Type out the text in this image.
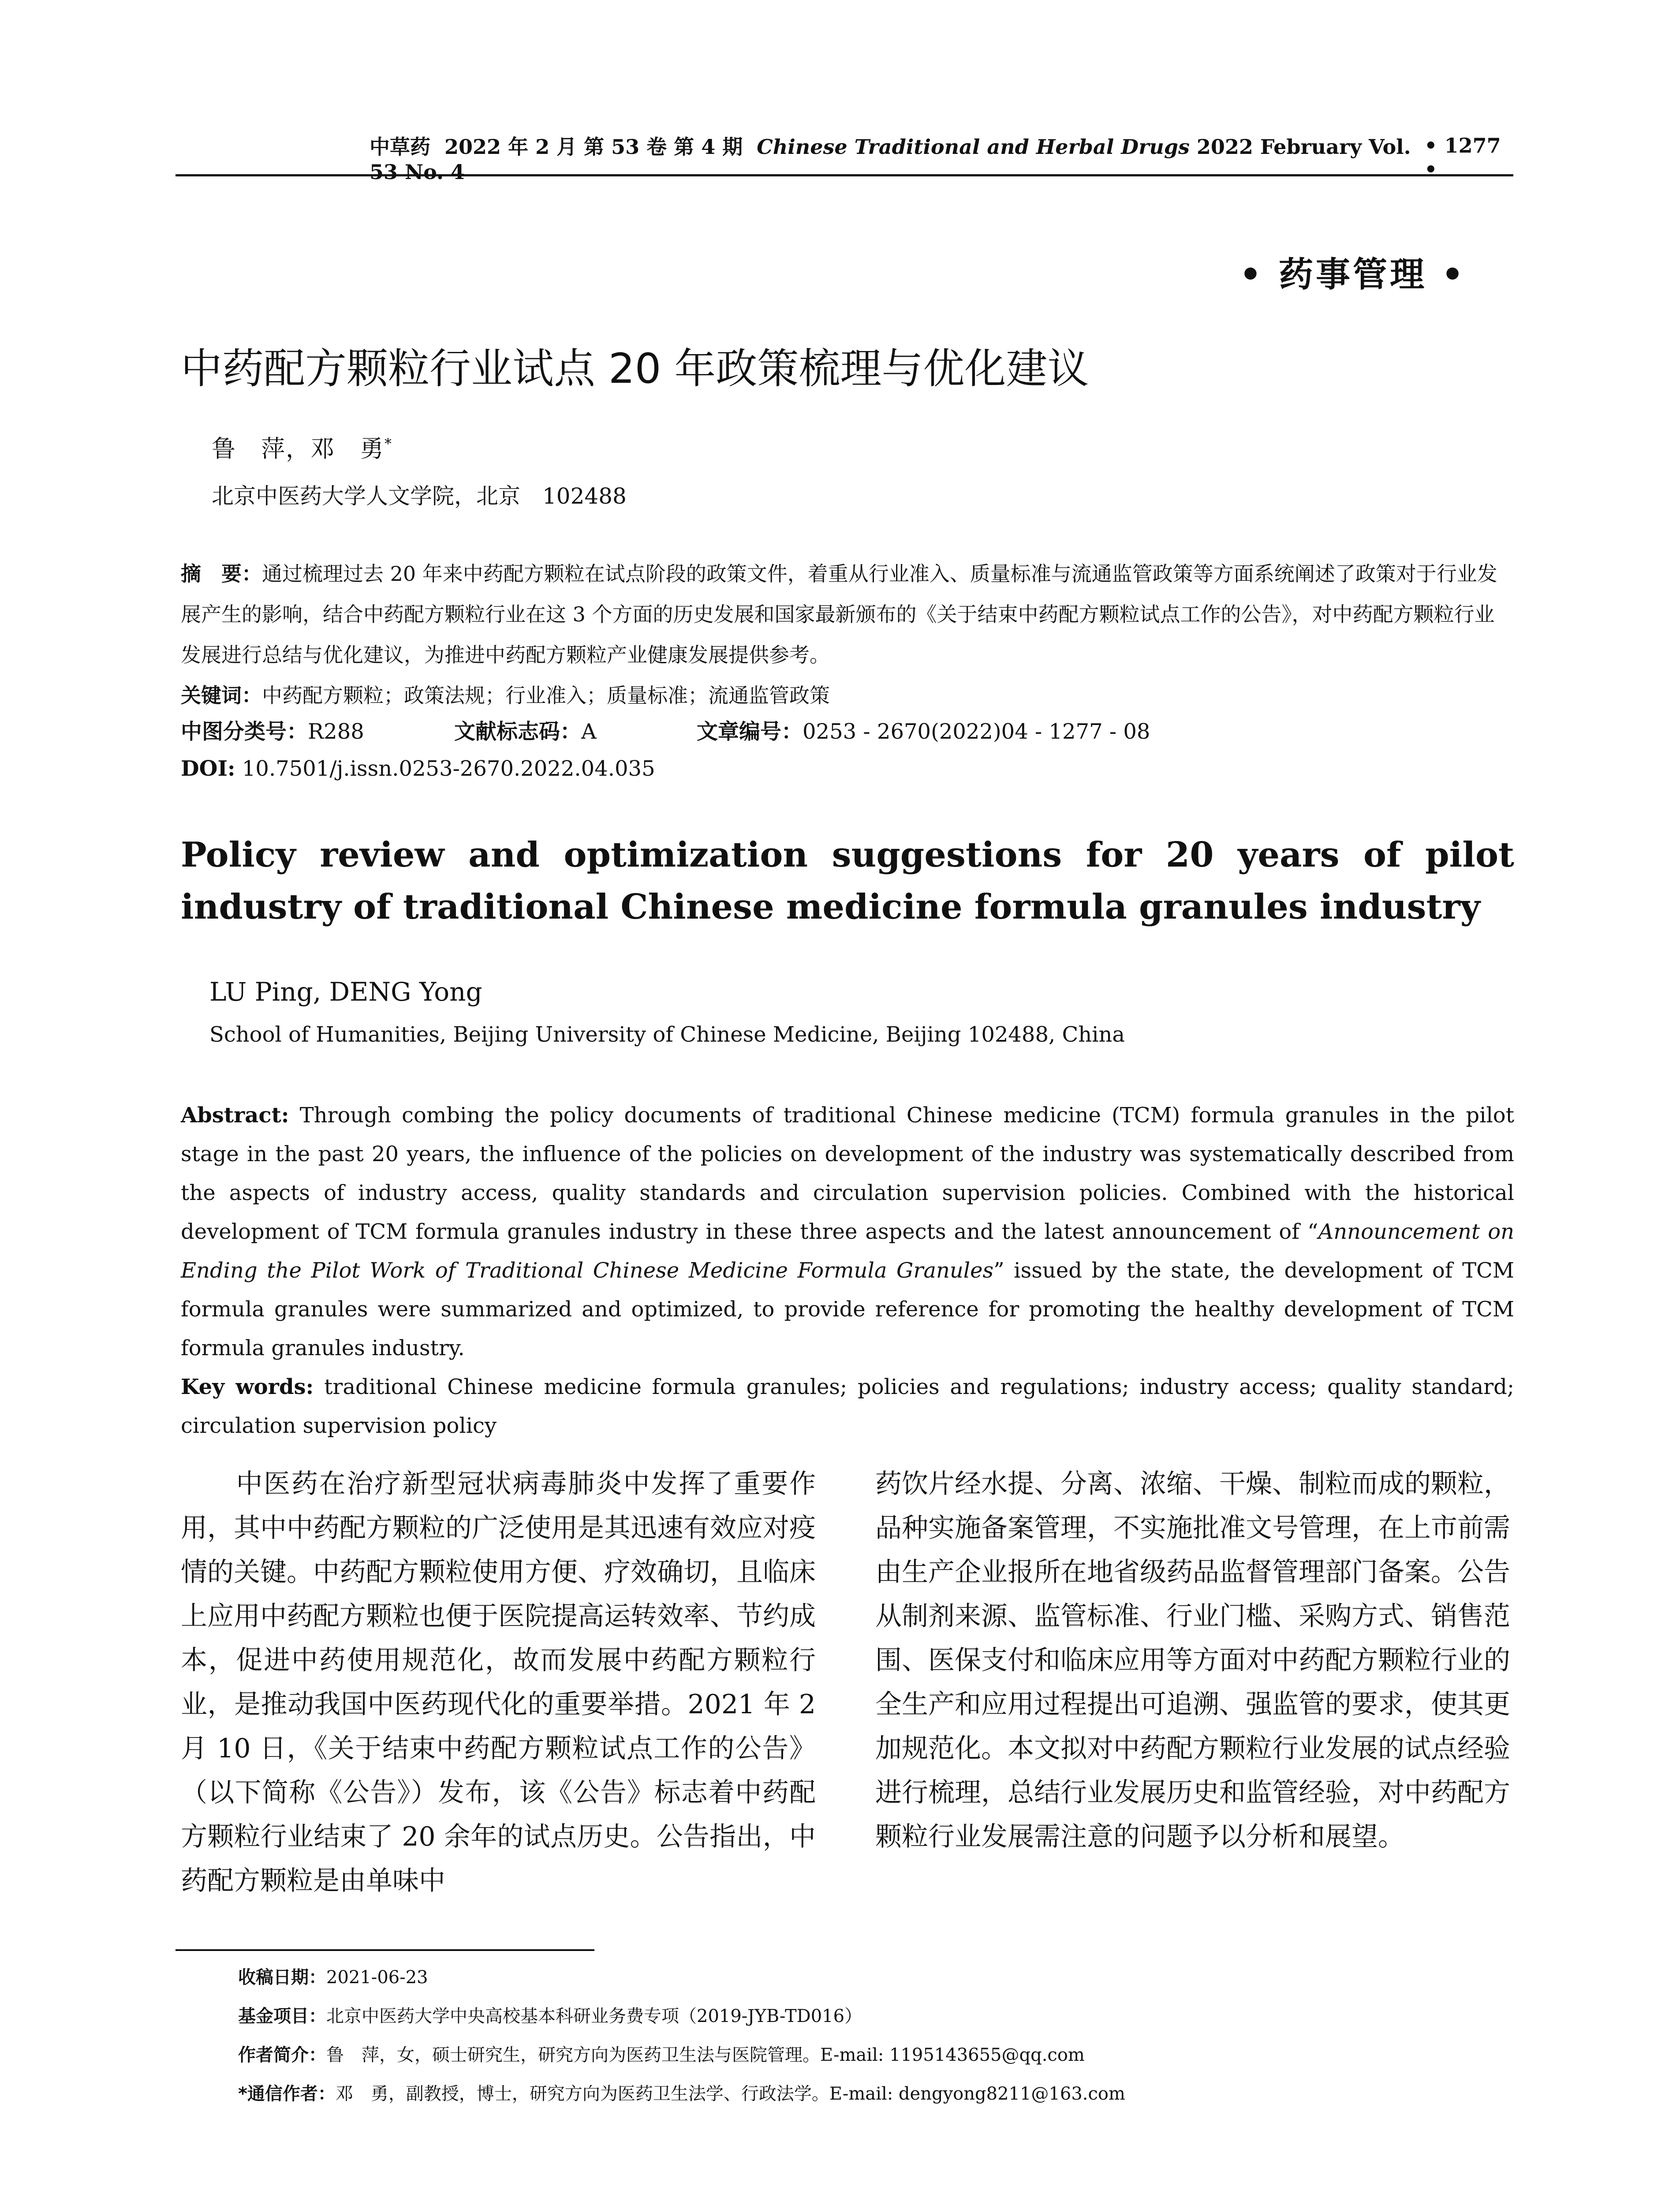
中草药 2022 年 2 月 第 53 卷 第 4 期 Chinese Traditional and Herbal Drugs 2022 February Vol. 53 No. 4
• 1277 •
• 药事管理 •
中药配方颗粒行业试点 20 年政策梳理与优化建议
鲁　萍，邓　勇*
北京中医药大学人文学院，北京　102488
摘　要：通过梳理过去 20 年来中药配方颗粒在试点阶段的政策文件，着重从行业准入、质量标准与流通监管政策等方面系统阐述了政策对于行业发展产生的影响，结合中药配方颗粒行业在这 3 个方面的历史发展和国家最新颁布的《关于结束中药配方颗粒试点工作的公告》，对中药配方颗粒行业发展进行总结与优化建议，为推进中药配方颗粒产业健康发展提供参考。
关键词：中药配方颗粒；政策法规；行业准入；质量标准；流通监管政策
中图分类号：R288	文献标志码：A	文章编号：0253 - 2670(2022)04 - 1277 - 08
DOI: 10.7501/j.issn.0253-2670.2022.04.035
Policy review and optimization suggestions for 20 years of pilot industry of traditional Chinese medicine formula granules industry
LU Ping, DENG Yong
School of Humanities, Beijing University of Chinese Medicine, Beijing 102488, China
Abstract: Through combing the policy documents of traditional Chinese medicine (TCM) formula granules in the pilot stage in the past 20 years, the influence of the policies on development of the industry was systematically described from the aspects of industry access, quality standards and circulation supervision policies. Combined with the historical development of TCM formula granules industry in these three aspects and the latest announcement of “Announcement on Ending the Pilot Work of Traditional Chinese Medicine Formula Granules” issued by the state, the development of TCM formula granules were summarized and optimized, to provide reference for promoting the healthy development of TCM formula granules industry.
Key words: traditional Chinese medicine formula granules; policies and regulations; industry access; quality standard; circulation supervision policy

　　中医药在治疗新型冠状病毒肺炎中发挥了重要作用，其中中药配方颗粒的广泛使用是其迅速有效应对疫情的关键。中药配方颗粒使用方便、疗效确切，且临床上应用中药配方颗粒也便于医院提高运转效率、节约成本，促进中药使用规范化，故而发展中药配方颗粒行业，是推动我国中医药现代化的重要举措。2021 年 2 月 10 日，《关于结束中药配方颗粒试点工作的公告》（以下简称《公告》）发布，该《公告》标志着中药配方颗粒行业结束了 20 余年的试点历史。公告指出，中药配方颗粒是由单味中

药饮片经水提、分离、浓缩、干燥、制粒而成的颗粒，品种实施备案管理，不实施批准文号管理，在上市前需由生产企业报所在地省级药品监督管理部门备案。公告从制剂来源、监管标准、行业门槛、采购方式、销售范围、医保支付和临床应用等方面对中药配方颗粒行业的全生产和应用过程提出可追溯、强监管的要求，使其更加规范化。本文拟对中药配方颗粒行业发展的试点经验进行梳理，总结行业发展历史和监管经验，对中药配方颗粒行业发展需注意的问题予以分析和展望。

收稿日期：2021-06-23
基金项目：北京中医药大学中央高校基本科研业务费专项（2019-JYB-TD016）
作者简介：鲁　萍，女，硕士研究生，研究方向为医药卫生法与医院管理。E-mail: 1195143655@qq.com
*通信作者：邓　勇，副教授，博士，研究方向为医药卫生法学、行政法学。E-mail: dengyong8211@163.com
